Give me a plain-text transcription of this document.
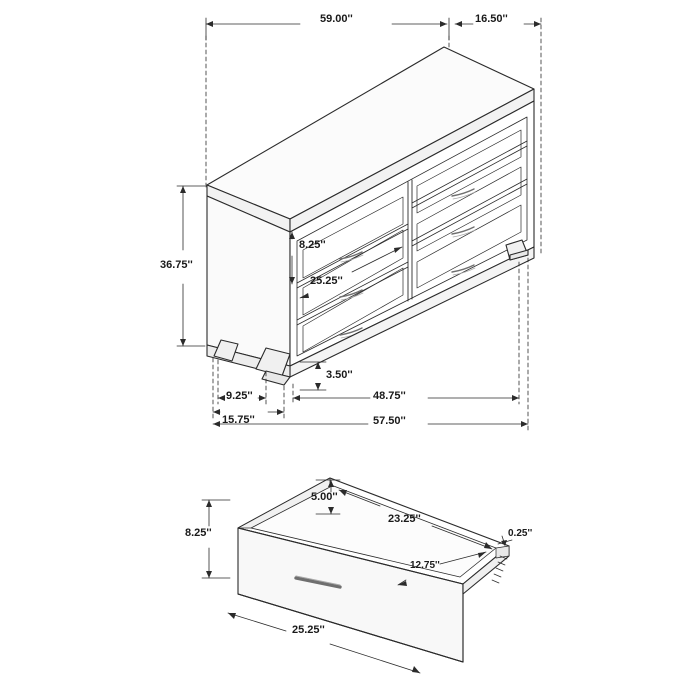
59.00''	16.50''
36.75''
8.25''
25.25''
3.50''
9.25''
15.75''
48.75''
57.50''
5.00''
23.25''
12.75''
0.25''
8.25''
25.25''
